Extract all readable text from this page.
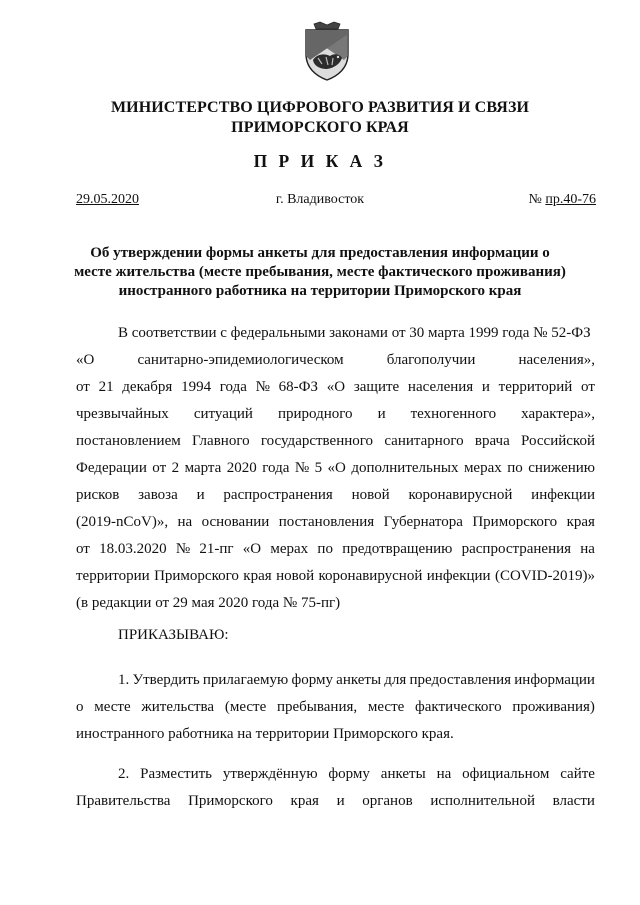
МИНИСТЕРСТВО ЦИФРОВОГО РАЗВИТИЯ И СВЯЗИ
ПРИМОРСКОГО КРАЯ
П Р И К А З
29.05.2020	г. Владивосток	№ пр.40-76
Об утверждении формы анкеты для предоставления информации о
месте жительства (месте пребывания, месте фактического проживания)
иностранного работника на территории Приморского края
В соответствии с федеральными законами от 30 марта 1999 года № 52-ФЗ
«О	санитарно-эпидемиологическом	благополучии	населения»,
от 21 декабря 1994 года № 68-ФЗ «О защите населения и территорий от
чрезвычайных ситуаций природного и техногенного характера»,
постановлением Главного государственного санитарного врача Российской
Федерации от 2 марта 2020 года № 5 «О дополнительных мерах по снижению
рисков завоза и распространения новой коронавирусной инфекции
(2019-nCoV)», на основании постановления Губернатора Приморского края
от 18.03.2020 № 21-пг «О мерах по предотвращению распространения на
территории Приморского края новой коронавирусной инфекции (COVID-2019)»
(в редакции от 29 мая 2020 года № 75-пг)
ПРИКАЗЫВАЮ:
1. Утвердить прилагаемую форму анкеты для предоставления информации
о месте жительства (месте пребывания, месте фактического проживания)
иностранного работника на территории Приморского края.
2. Разместить утверждённую форму анкеты на официальном сайте
Правительства Приморского края и органов исполнительной власти
